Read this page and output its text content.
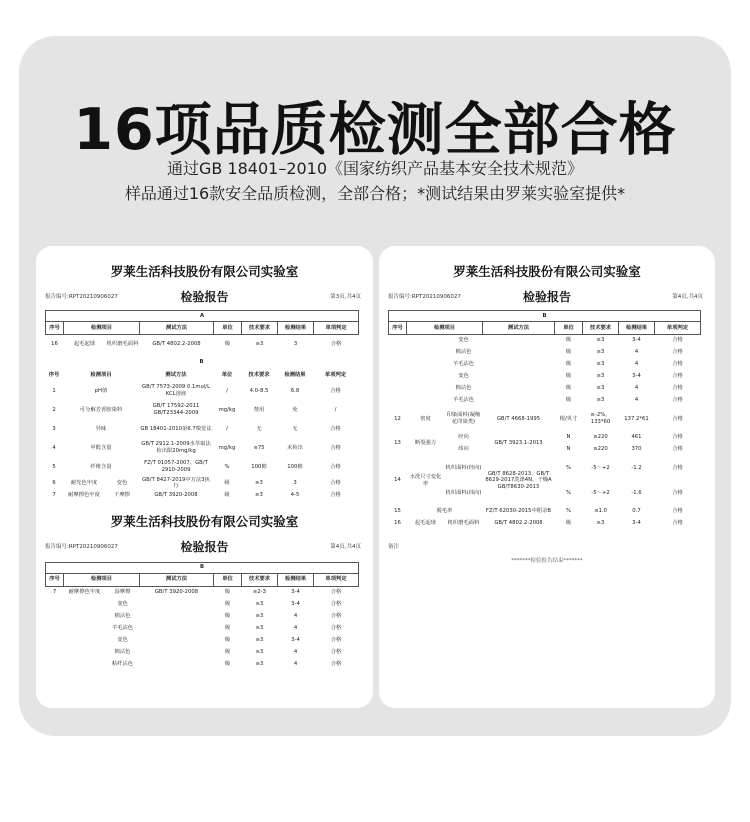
16项品质检测全部合格
通过GB 18401–2010《国家纺织产品基本安全技术规范》
样品通过16款安全品质检测，全部合格；*测试结果由罗莱实验室提供*
罗莱生活科技股份有限公司实验室
报告编号:RPT20210906027	检验报告	第3页,共4页
A							
序号	检测项目		测试方法	单位	技术要求	检测结果	单项判定
16	起毛起球	机织磨毛面料	GB/T 4802.2-2008	级	≥3	3	合格
B							
序号	检测项目		测试方法	单位	技术要求	检测结果	单项判定
1	pH值		GB/T 7573-2009 0.1mol/L KCL溶液	/	4.0-8.5	6.8	合格
2	可分解芳香胺染料		GB/T 17592-2011 GB/T23344-2009	mg/kg	禁用	免	/
3	异味		GB 18401-2010第6.7嗅觉法	/	无	无	合格
4	甲醛含量		GB/T 2912.1-2009水萃取法 检出限20mg/kg	mg/kg	≤75	未检出	合格
5	纤维含量		FZ/T 01057-2007、GB/T 2910-2009	%	100棉	100棉	合格
6	耐光色牢度	变色	GB/T 8427-2019中方法3执行	级	≥3	3	合格
7	耐摩擦色牢度	干摩擦	GB/T 3920-2008	级	≥3	4-5	合格
罗莱生活科技股份有限公司实验室
报告编号:RPT20210906027	检验报告	第4页,共4页
B							
序号	检测项目		测试方法	单位	技术要求	检测结果	单项判定
7	耐摩擦色牢度	湿摩擦	GB/T 3920-2008	级	≥2-3	3-4	合格
		变色		级	≥3	3-4	合格
		棉沾色		级	≥3	4	合格
		羊毛沾色		级	≥3	4	合格
		变色		级	≥3	3-4	合格
		棉沾色		级	≥3	4	合格
		粘纤沾色		级	≥3	4	合格
罗莱生活科技股份有限公司实验室
报告编号:RPT20210906027	检验报告	第4页,共4页
B							
序号	检测项目		测试方法	单位	技术要求	检测结果	单项判定
		变色		级	≥3	3-4	合格
		棉沾色		级	≥3	4	合格
		羊毛沾色		级	≥3	4	合格
		变色		级	≥3	3-4	合格
		棉沾色		级	≥3	4	合格
		羊毛沾色		级	≥3	4	合格
12	密度	印染面料(凝缩花印染类)	GB/T 4668-1995	根/英寸	≥-2%，133*60	137.2*61	合格
13	断裂强力	经向	GB/T 3923.1-2013	N	≥220	461	合格
		纬向		N	≥220	370	合格
14	水洗尺寸变化率	机织面料(经向)	GB/T 8628-2013、GB/T 8629-2017洗涤4N，干燥A GB/T8630-2013	%	-5～+2	-1.2	合格
		机织面料(纬向)		%	-5～+2	-1.6	合格
15	脱毛率		FZ/T 62030-2015中附录B	%	≤1.0	0.7	合格
16	起毛起球	机织磨毛面料	GB/T 4802.2-2008	级	≥3	3-4	合格
备注
*******检验报告结束*******
